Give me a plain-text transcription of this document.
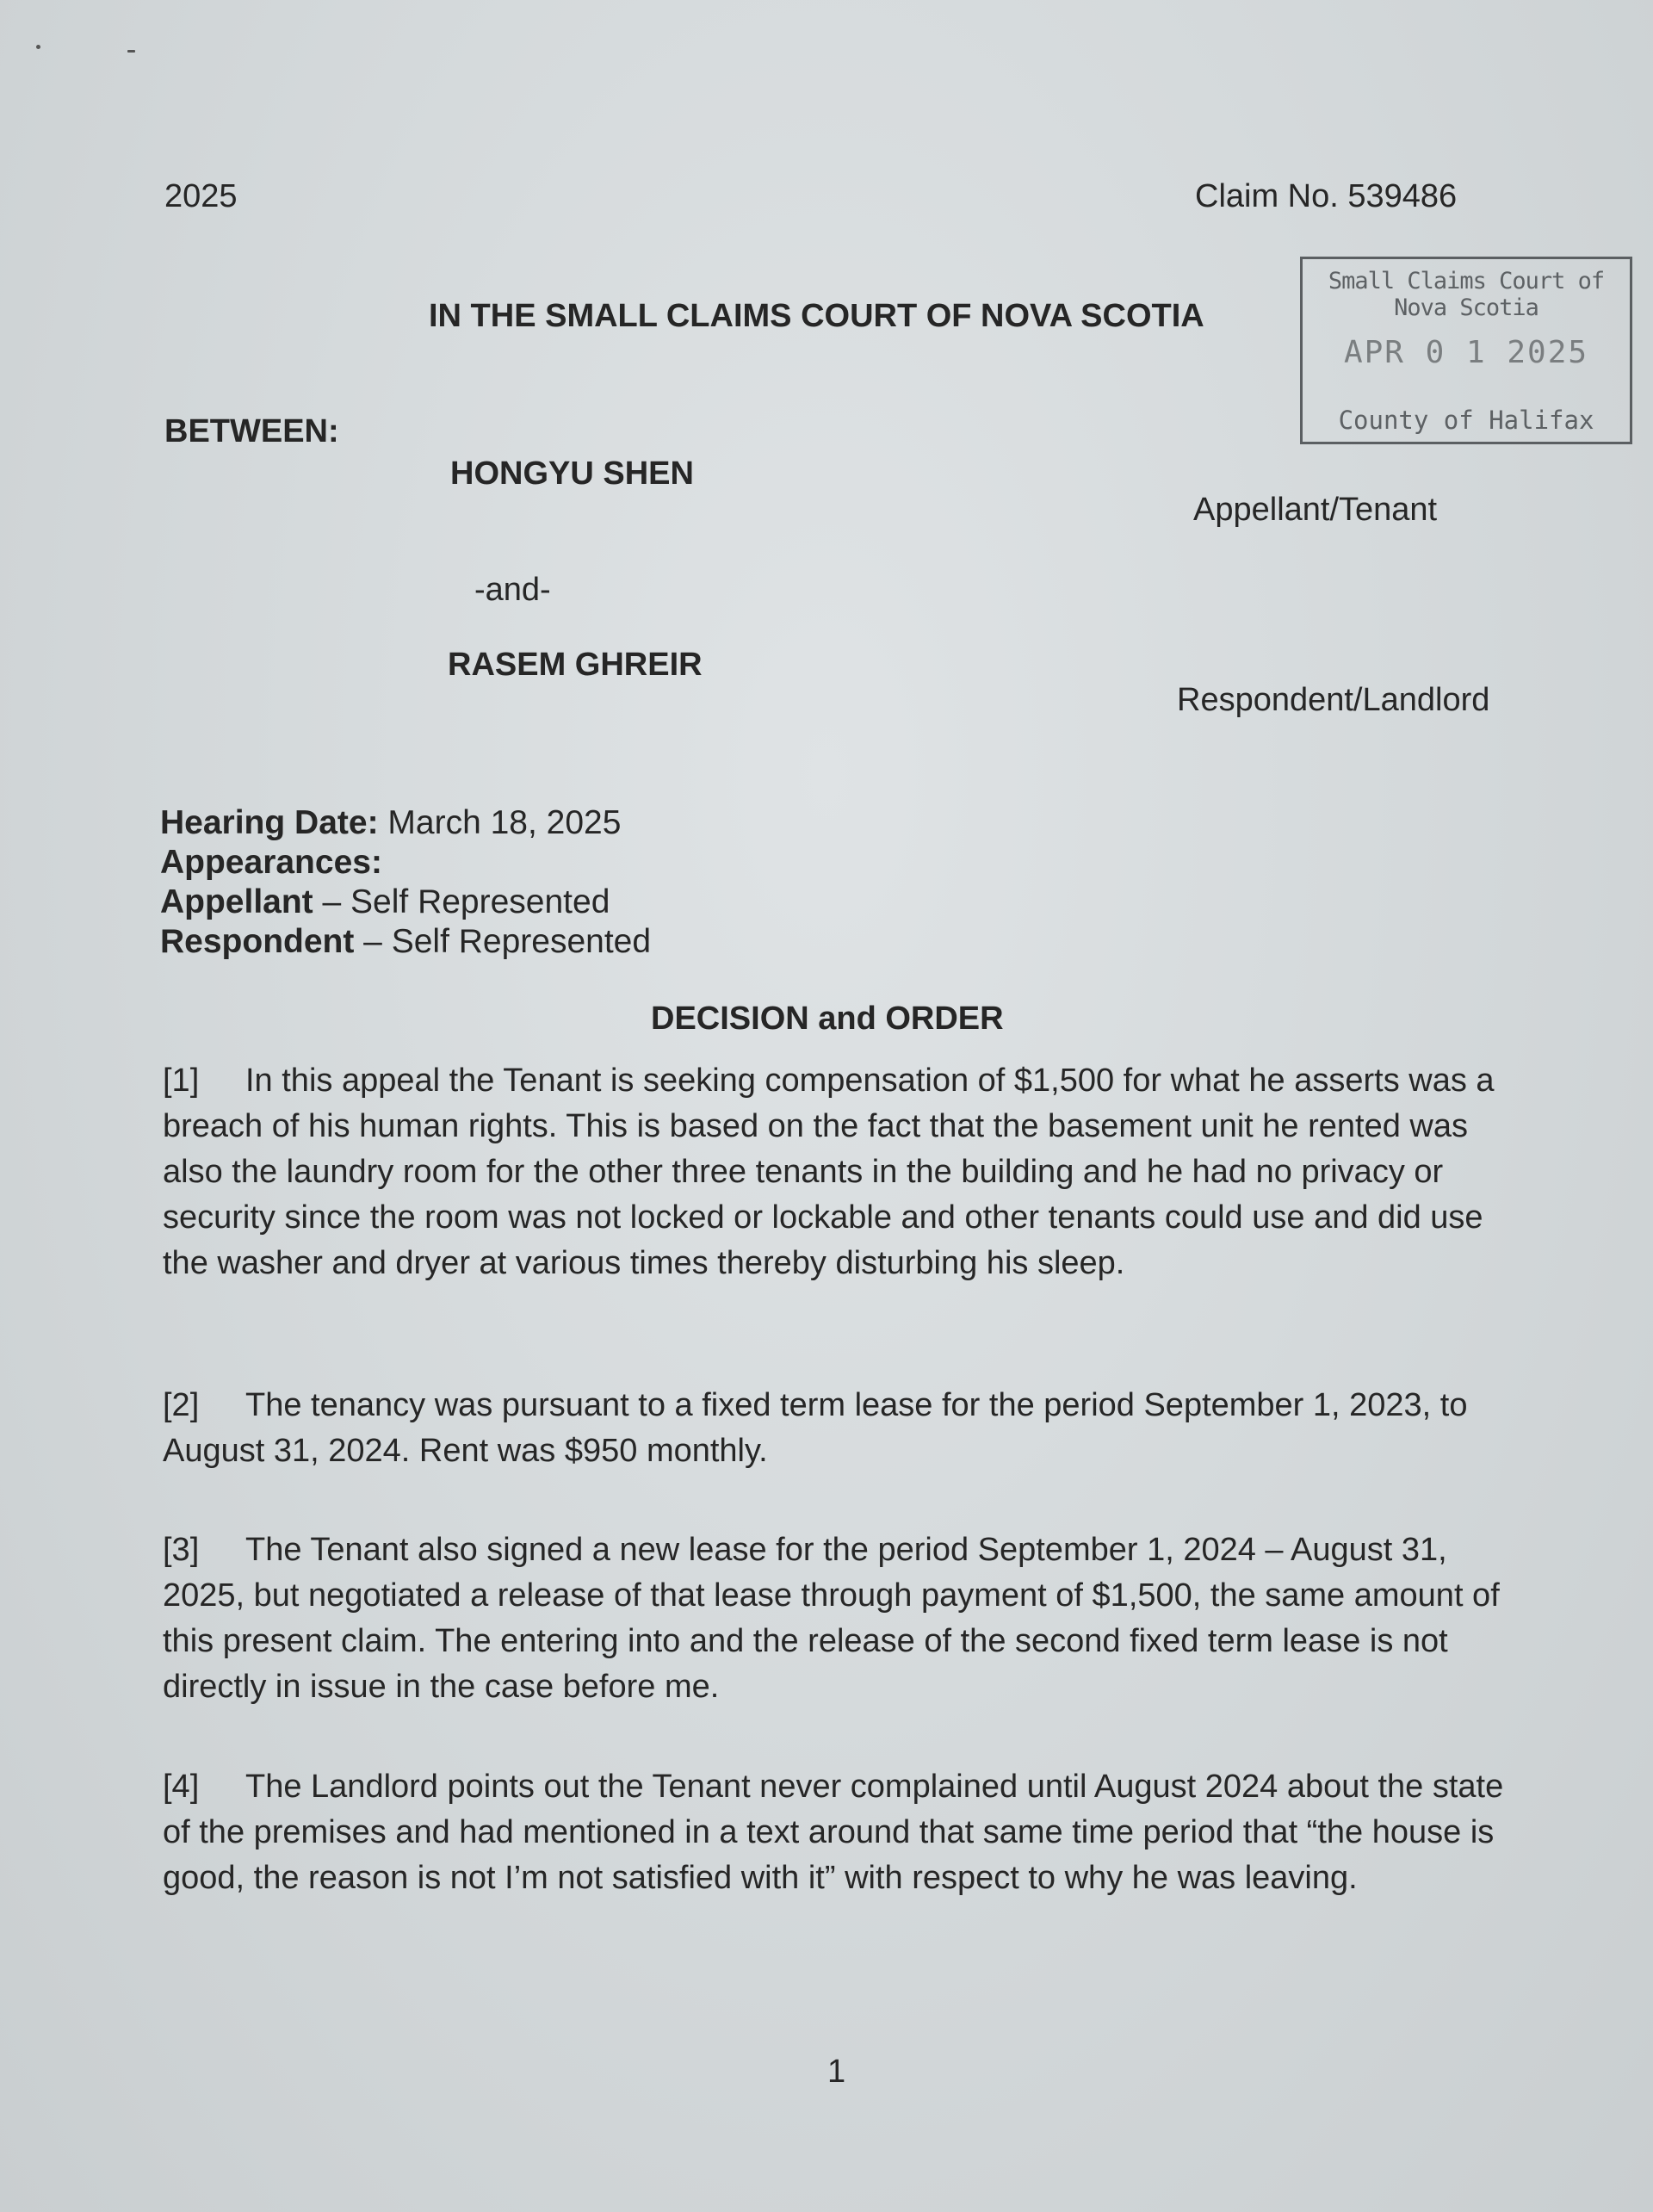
2025	Claim No. 539486

IN THE SMALL CLAIMS COURT OF NOVA SCOTIA

Small Claims Court of Nova Scotia
APR 0 1 2025
County of Halifax

BETWEEN:

HONGYU SHEN

Appellant/Tenant

-and-

RASEM GHREIR

Respondent/Landlord

Hearing Date: March 18, 2025

Appearances:

Appellant – Self Represented

Respondent – Self Represented

DECISION and ORDER

[1] In this appeal the Tenant is seeking compensation of $1,500 for what he asserts was a breach of his human rights. This is based on the fact that the basement unit he rented was also the laundry room for the other three tenants in the building and he had no privacy or security since the room was not locked or lockable and other tenants could use and did use the washer and dryer at various times thereby disturbing his sleep.

[2] The tenancy was pursuant to a fixed term lease for the period September 1, 2023, to August 31, 2024. Rent was $950 monthly.

[3] The Tenant also signed a new lease for the period September 1, 2024 – August 31, 2025, but negotiated a release of that lease through payment of $1,500, the same amount of this present claim. The entering into and the release of the second fixed term lease is not directly in issue in the case before me.

[4] The Landlord points out the Tenant never complained until August 2024 about the state of the premises and had mentioned in a text around that same time period that “the house is good, the reason is not I’m not satisfied with it” with respect to why he was leaving.

1
